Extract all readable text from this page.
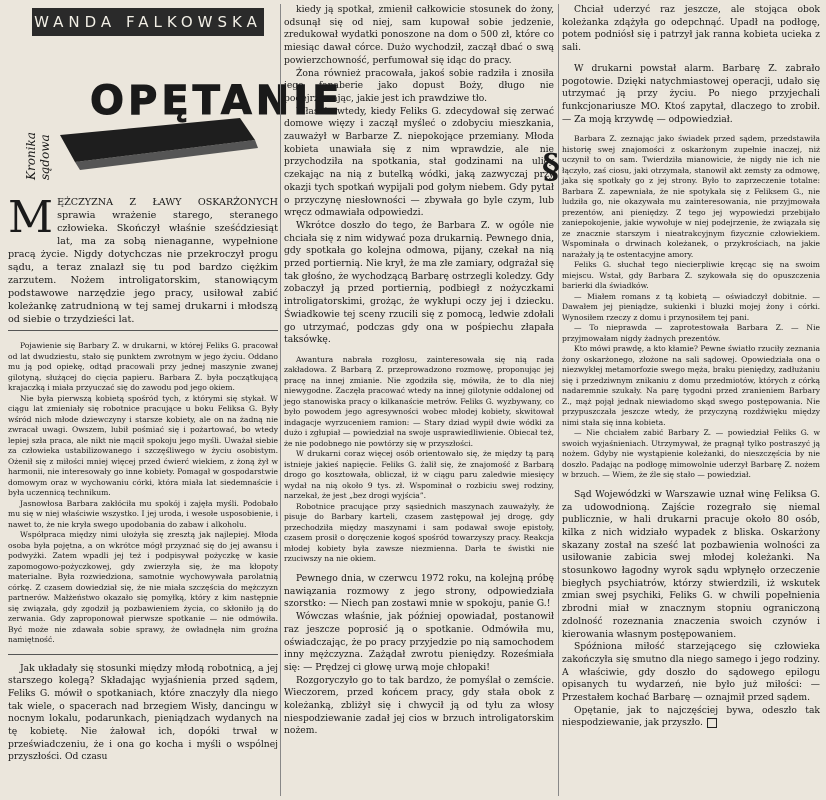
WANDA FALKOWSKA
OPĘTANIE
Kronika sądowa
M ĘŻCZYZNA Z ŁAWY OSKARŻONYCH sprawia wrażenie starego, steranego człowieka. Skończył właśnie sześćdziesiąt lat, ma za sobą nienaganne, wypełnione pracą życie. Nigdy dotychczas nie przekroczył progu sądu, a teraz znalazł się tu pod bardzo ciężkim zarzutem. Nożem introligatorskim, stanowiącym podstawowe narzędzie jego pracy, usiłował zabić koleżankę zatrudnioną w tej samej drukarni i młodszą od siebie o trzydzieści lat.

Pojawienie się Barbary Z. w drukarni, w której Feliks G. pracował od lat dwudziestu, stało się punktem zwrotnym w jego życiu. Oddano mu ją pod opiekę, odtąd pracowali przy jednej maszynie zwanej gilotyną, służącej do cięcia papieru. Barbara Z. była początkującą krajaczką i miała przyuczać się do zawodu pod jego okiem.

Nie była pierwszą kobietą spośród tych, z którymi się stykał. W ciągu lat zmieniały się robotnice pracujące u boku Feliksa G. Były wśród nich młode dziewczyny i starsze kobiety, ale on na żadną nie zwracał uwagi. Owszem, lubił pośmiać się i pożartować, bo wtedy lepiej szła praca, ale nikt nie mącił spokoju jego myśli. Uważał siebie za człowieka ustabilizowanego i szczęśliwego w życiu osobistym. Ożenił się z miłości mniej więcej przed ćwierć wiekiem, z żoną żył w harmonii, nie interesowały go inne kobiety. Pomagał w gospodarstwie domowym oraz w wychowaniu córki, która miała lat siedemnaście i była uczennicą technikum.

Jasnowłosa Barbara zakłóciła mu spokój i zajęła myśli. Podobało mu się w niej właściwie wszystko. I jej uroda, i wesołe usposobienie, i nawet to, że nie kryła swego upodobania do zabaw i alkoholu.

Współpraca między nimi ułożyła się zresztą jak najlepiej. Młoda osoba była pojętna, a on wkrótce mógł przyznać się do jej awansu i podwyżki. Zatem wpadli jej też i podpisywał pożyczkę w kasie zapomogowo-pożyczkowej, gdy zwierzyła się, że ma kłopoty materialne. Była rozwiedziona, samotnie wychowywała parolatnią córkę. Z czasem dowiedział się, że nie miała szczęścia do mężczyzn partnerów. Małżeństwo okazało się pomyłką, który z kim następnie się związała, gdy zgodził ją pozbawieniem życia, co skłoniło ją do zerwania. Gdy zaproponował pierwsze spotkanie — nie odmówiła. Być może nie zdawała sobie sprawy, że owładnęła nim groźna namiętność.

Jak układały się stosunki między młodą robotnicą, a jej starszego kolegą? Składając wyjaśnienia przed sądem, Feliks G. mówił o spotkaniach, które znaczyły dla niego tak wiele, o spacerach nad brzegiem Wisły, dancingu w nocnym lokalu, podarunkach, pieniądzach wydanych na tę kobietę. Nie żałował ich, dopóki trwał w przeświadczeniu, że i ona go kocha i myśli o wspólnej przyszłości. Od czasu

kiedy ją spotkał, zmienił całkowicie stosunek do żony, odsunął się od niej, sam kupował sobie jedzenie, zredukował wydatki ponoszone na dom o 500 zł, które co miesiąc dawał córce. Dużo wychodził, zaczął dbać o swą powierzchowność, perfumował się idąc do pracy.

Żona również pracowała, jakoś sobie radziła i znosiła jego fanaberie jako dopust Boży, długo nie podejrzewając, jakie jest ich prawdziwe tło.

Właśnie wtedy, kiedy Feliks G. zdecydował się zerwać domowe więzy i zaczął myśleć o zdobyciu mieszkania, zauważył w Barbarze Z. niepokojące przemiany. Młoda kobieta unawiała się z nim wprawdzie, ale nie przychodziła na spotkania, stał godzinami na ulicy czekając na nią z butelką wódki, jaką zazwyczaj przy okazji tych spotkań wypijali pod gołym niebem. Gdy pytał o przyczynę niesłowności — zbywała go byle czym, lub wręcz odmawiała odpowiedzi.

Wkrótce doszło do tego, że Barbara Z. w ogóle nie chciała się z nim widywać poza drukarnią. Pewnego dnia, gdy spotkała go kolejna odmowa, pijany, czekał na nią przed portiernią. Nie krył, że ma złe zamiary, odgrażał się tak głośno, że wychodzącą Barbarę ostrzegli koledzy. Gdy zobaczył ją przed portiernią, podbiegł z nożyczkami introligatorskimi, grożąc, że wykłupi oczy jej i dziecku. Świadkowie tej sceny rzucili się z pomocą, ledwie zdołali go utrzymać, podczas gdy ona w pośpiechu złapała taksówkę.

Awantura nabrała rozgłosu, zainteresowała się nią rada zakładowa. Z Barbarą Z. przeprowadzono rozmowę, proponując jej pracę na innej zmianie. Nie zgodziła się, mówiła, że to dla niej niewygodne. Zaczęła pracować wtedy na innej gilotynie oddalonej od jego stanowiska pracy o kilkanaście metrów. Feliks G. wyzbywany, co było powodem jego agresywności wobec młodej kobiety, skwitował indagacje wyrzuceniem ramion: — Stary dziad wypił dwie wódki za dużo i zgłupiał — powiedział na swoje usprawiedliwienie. Obiecał też, że nie podobnego nie powtórzy się w przyszłości.

W drukarni coraz więcej osób orientowało się, że między tą parą istnieje jakieś napięcie. Feliks G. żalił się, że znajomość z Barbarą drogo go kosztowała, obliczał, iż w ciągu paru zaledwie miesięcy wydał na nią około 9 tys. zł. Wspominał o rozbiciu swej rodziny, narzekał, że jest „bez drogi wyjścia”.

Robotnice pracujące przy sąsiednich maszynach zauważyły, że pisuje do Barbary karteli, czasem zastępował jej drogę, gdy przechodziła między maszynami i sam podawał swoje epistoły, czasem prosił o doręczenie kogoś spośród towarzyszy pracy. Reakcja młodej kobiety była zawsze niezmienna. Darła te świstki nie rzuciwszy na nie okiem.

Pewnego dnia, w czerwcu 1972 roku, na kolejną próbę nawiązania rozmowy z jego strony, odpowiedziała szorstko: — Niech pan zostawi mnie w spokoju, panie G.!

Wówczas właśnie, jak później opowiadał, postanowił raz jeszcze poprosić ją o spotkanie. Odmówiła mu, oświadczając, że po pracy przyjedzie po nią samochodem inny mężczyzna. Zażądał zwrotu pieniędzy. Roześmiała się: — Prędzej ci głowę urwą moje chłopaki!

Rozgoryczyło go to tak bardzo, że pomyślał o zemście. Wieczorem, przed końcem pracy, gdy stała obok z koleżanką, zbliżył się i chwycił ją od tyłu za włosy niespodziewanie zadał jej cios w brzuch introligatorskim nożem.

§

Chciał uderzyć raz jeszcze, ale stojąca obok koleżanka zdążyła go odepchnąć. Upadł na podłogę, potem podniósł się i patrzył jak ranna kobieta ucieka z sali.

W drukarni powstał alarm. Barbarę Z. zabrało pogotowie. Dzięki natychmiastowej operacji, udało się utrzymać ją przy życiu. Po niego przyjechali funkcjonariusze MO. Ktoś zapytał, dlaczego to zrobił. — Za moją krzywdę — odpowiedział.

Barbara Z. zeznając jako świadek przed sądem, przedstawiła historię swej znajomości z oskarżonym zupełnie inaczej, niż uczynił to on sam. Twierdziła mianowicie, że nigdy nie ich nie łączyło, zaś ciosu, jaki otrzymała, stanowił akt zemsty za odmowę, jaka się spotkały go z jej strony. Było to zaprzeczenie totalne: Barbara Z. zapewniała, że nie spotykała się z Feliksem G., nie ludziła go, nie okazywała mu zainteresowania, nie przyjmowała prezentów, ani pieniędzy. Z tego jej wypowiedzi przebijało zaniepokojenie, jakie wywołuje w niej podejrzenie, że związała się ze znacznie starszym i nieatrakcyjnym fizycznie człowiekiem. Wspominała o drwinach koleżanek, o przykrościach, na jakie narażały ją te ostentacyjne amory.

Feliks G. słuchał tego niecierpliwie kręcąc się na swoim miejscu. Wstał, gdy Barbara Z. szykowała się do opuszczenia barierki dla świadków.

— Miałem romans z tą kobietą — oświadczył dobitnie. — Dawałem jej pieniądze, sukienki i bluzki mojej żony i córki. Wynosiłem rzeczy z domu i przynosiłem tej pani.

— To nieprawda — zaprotestowała Barbara Z. — Nie przyjmowałam nigdy żadnych prezentów.

Kto mówi prawdę, a kto kłamie? Pewne światło rzuciły zeznania żony oskarżonego, złożone na sali sądowej. Opowiedziała ona o niezwykłej metamorfozie swego męża, braku pieniędzy, zadłużaniu się i przedziwnym znikaniu z domu przedmiotów, których z córką nadaremnie szukały. Na parę tygodni przed zranieniem Barbary Z., mąż pojął jednak niewiadomo skąd swego postępowania. Nie przypuszczała jeszcze wtedy, że przyczyną rozdźwięku między nimi stała się inna kobieta.

— Nie chciałem zabić Barbary Z. — powiedział Feliks G. w swoich wyjaśnieniach. Utrzymywał, że pragnął tylko postraszyć ją nożem. Gdyby nie wystąpienie koleżanki, do nieszczęścia by nie doszło. Padając na podłogę mimowolnie uderzył Barbarę Z. nożem w brzuch. — Wiem, że źle się stało — powiedział.

Sąd Wojewódzki w Warszawie uznał winę Feliksa G. za udowodnioną. Zajście rozegrało się niemal publicznie, w hali drukarni pracuje około 80 osób, kilka z nich widziało wypadek z bliska. Oskarżony skazany został na sześć lat pozbawienia wolności za usiłowanie zabicia swej młodej koleżanki. Na stosunkowo łagodny wyrok sądu wpłynęło orzeczenie biegłych psychiatrów, którzy stwierdzili, iż wskutek zmian swej psychiki, Feliks G. w chwili popełnienia zbrodni miał w znacznym stopniu ograniczoną zdolność rozeznania znaczenia swoich czynów i kierowania własnym postępowaniem.

Spóźniona miłość starzejącego się człowieka zakończyła się smutno dla niego samego i jego rodziny. A właściwie, gdy doszło do sądowego epilogu opisanych tu wydarzeń, nie było już miłości: — Przestałem kochać Barbarę — oznajmił przed sądem.

Opętanie, jak to najczęściej bywa, odeszło tak niespodziewanie, jak przyszło.
